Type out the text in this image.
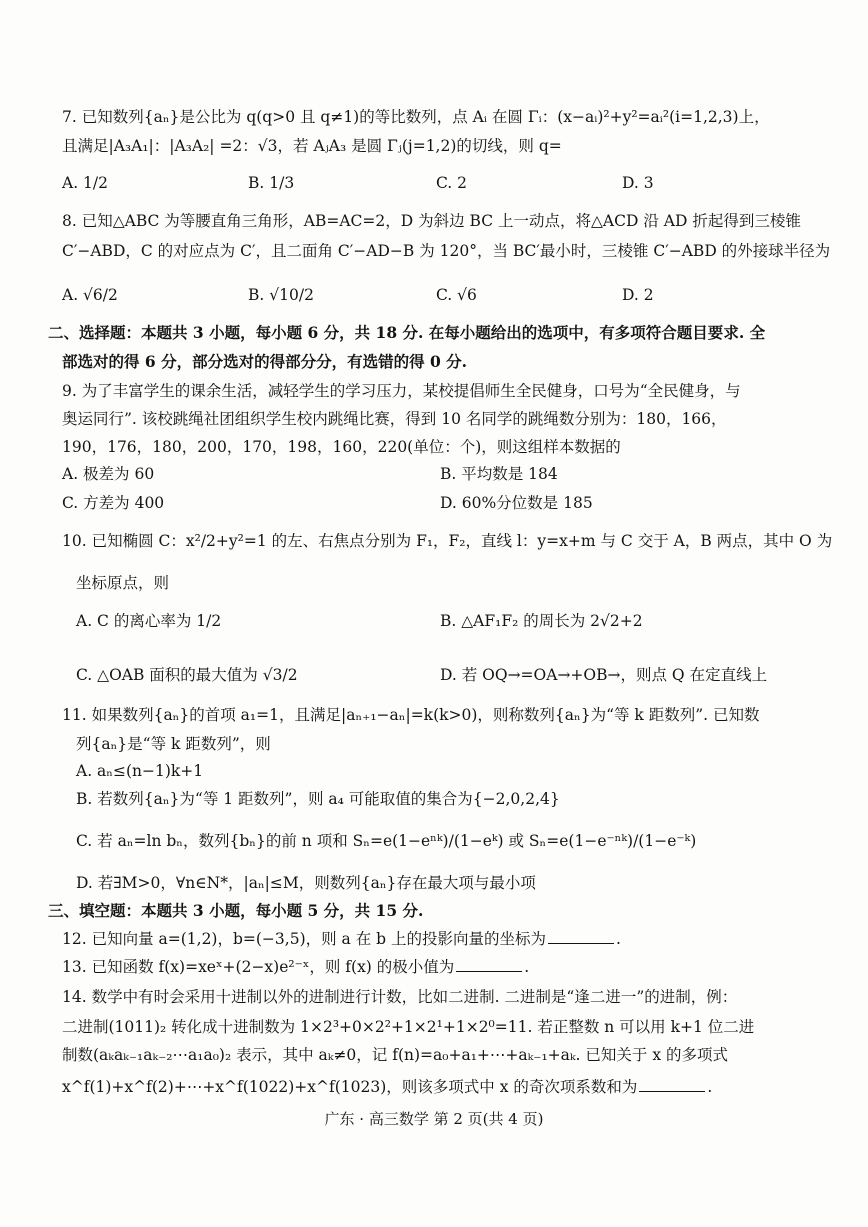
7. 已知数列{aₙ}是公比为 q(q>0 且 q≠1)的等比数列，点 Aᵢ 在圆 Γᵢ：(x−aᵢ)²+y²=aᵢ²(i=1,2,3)上，
且满足|A₃A₁|：|A₃A₂| =2：√3，若 AⱼA₃ 是圆 Γⱼ(j=1,2)的切线，则 q=
A. 1/2	B. 1/3	C. 2	D. 3
8. 已知△ABC 为等腰直角三角形，AB=AC=2，D 为斜边 BC 上一动点，将△ACD 沿 AD 折起得到三棱锥
C′−ABD，C 的对应点为 C′，且二面角 C′−AD−B 为 120°，当 BC′最小时，三棱锥 C′−ABD 的外接球半径为
A. √6/2	B. √10/2	C. √6	D. 2
二、选择题：本题共 3 小题，每小题 6 分，共 18 分. 在每小题给出的选项中，有多项符合题目要求. 全
部选对的得 6 分，部分选对的得部分分，有选错的得 0 分.
9. 为了丰富学生的课余生活，减轻学生的学习压力，某校提倡师生全民健身，口号为“全民健身，与
奥运同行”. 该校跳绳社团组织学生校内跳绳比赛，得到 10 名同学的跳绳数分别为：180，166，
190，176，180，200，170，198，160，220(单位：个)，则这组样本数据的
A. 极差为 60	B. 平均数是 184
C. 方差为 400	D. 60%分位数是 185
10. 已知椭圆 C：x²/2+y²=1 的左、右焦点分别为 F₁，F₂，直线 l：y=x+m 与 C 交于 A，B 两点，其中 O 为
坐标原点，则
A. C 的离心率为 1/2	B. △AF₁F₂ 的周长为 2√2+2
C. △OAB 面积的最大值为 √3/2	D. 若 OQ→=OA→+OB→，则点 Q 在定直线上
11. 如果数列{aₙ}的首项 a₁=1，且满足|aₙ₊₁−aₙ|=k(k>0)，则称数列{aₙ}为“等 k 距数列”. 已知数
列{aₙ}是“等 k 距数列”，则
A. aₙ≤(n−1)k+1
B. 若数列{aₙ}为“等 1 距数列”，则 a₄ 可能取值的集合为{−2,0,2,4}
C. 若 aₙ=ln bₙ，数列{bₙ}的前 n 项和 Sₙ=e(1−eⁿᵏ)/(1−eᵏ) 或 Sₙ=e(1−e⁻ⁿᵏ)/(1−e⁻ᵏ)
D. 若∃M>0，∀n∈N*，|aₙ|≤M，则数列{aₙ}存在最大项与最小项
三、填空题：本题共 3 小题，每小题 5 分，共 15 分.
12. 已知向量 a=(1,2)，b=(−3,5)，则 a 在 b 上的投影向量的坐标为	.
13. 已知函数 f(x)=xeˣ+(2−x)e²⁻ˣ，则 f(x) 的极小值为	.
14. 数学中有时会采用十进制以外的进制进行计数，比如二进制. 二进制是“逢二进一”的进制，例：
二进制(1011)₂ 转化成十进制数为 1×2³+0×2²+1×2¹+1×2⁰=11. 若正整数 n 可以用 k+1 位二进
制数(aₖaₖ₋₁aₖ₋₂⋯a₁a₀)₂ 表示，其中 aₖ≠0，记 f(n)=a₀+a₁+⋯+aₖ₋₁+aₖ. 已知关于 x 的多项式
x^f(1)+x^f(2)+⋯+x^f(1022)+x^f(1023)，则该多项式中 x 的奇次项系数和为	.
广东 · 高三数学 第 2 页(共 4 页)
